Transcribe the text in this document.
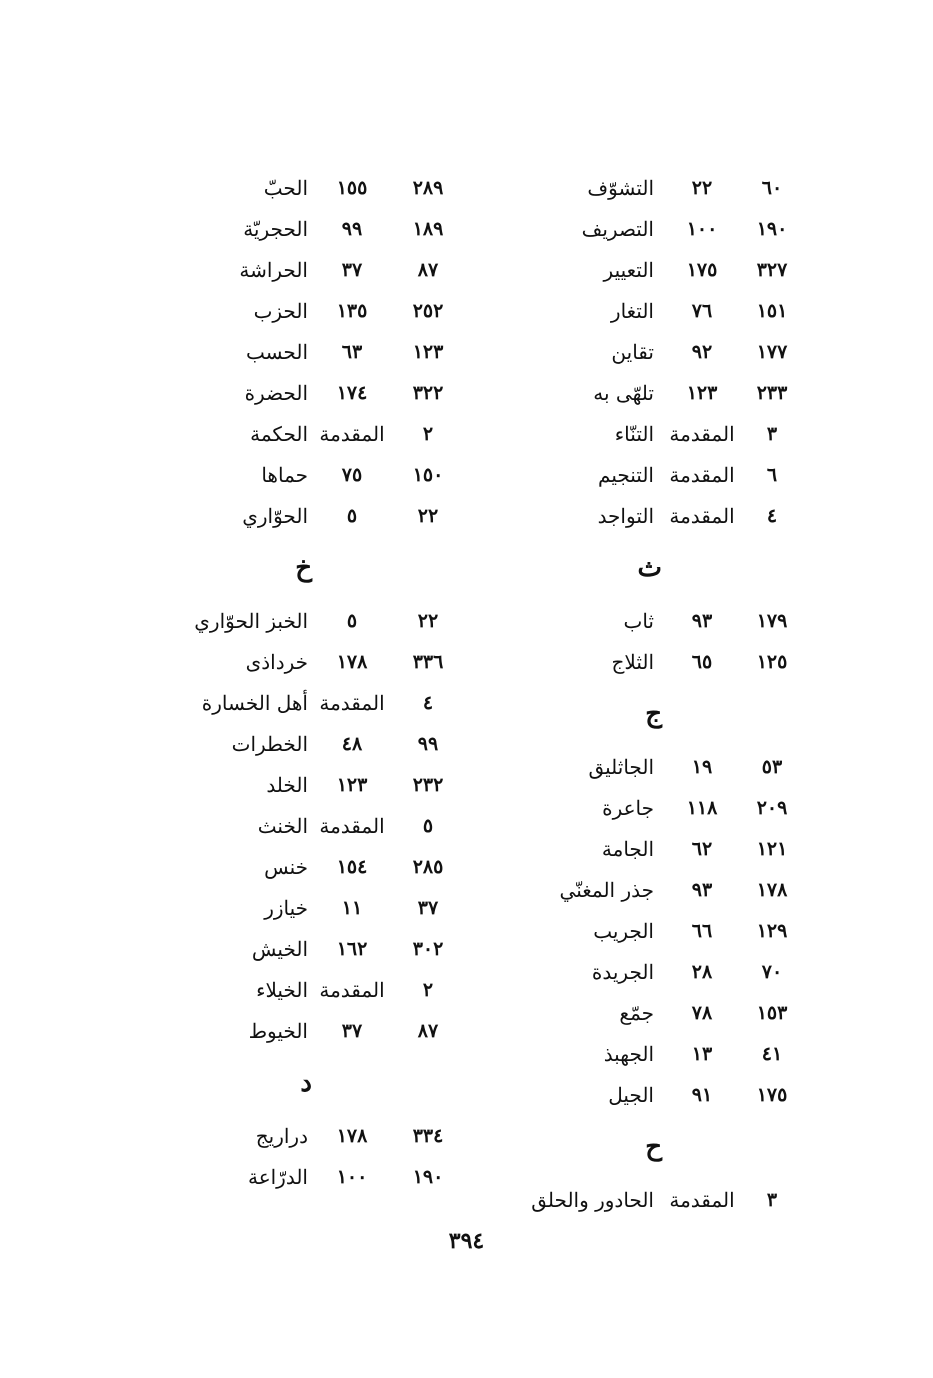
٦٠
٢٢
التشوّف
١٩٠
١٠٠
التصريف
٣٢٧
١٧٥
التعيير
١٥١
٧٦
التغار
١٧٧
٩٢
تقاين
٢٣٣
١٢٣
تلهّى به
٣
المقدمة
التنّاء
٦
المقدمة
التنجيم
٤
المقدمة
التواجد
ث
١٧٩
٩٣
ثاب
١٢٥
٦٥
الثلاج
ج
٥٣
١٩
الجاثليق
٢٠٩
١١٨
جاعرة
١٢١
٦٢
الجامة
١٧٨
٩٣
جذر المغنّي
١٢٩
٦٦
الجريب
٧٠
٢٨
الجريدة
١٥٣
٧٨
جمّع
٤١
١٣
الجهبذ
١٧٥
٩١
الجيل
ح
٣
المقدمة
الحادور والحلق
٢٨٩
١٥٥
الحبّ
١٨٩
٩٩
الحجريّة
٨٧
٣٧
الحراشة
٢٥٢
١٣٥
الحزب
١٢٣
٦٣
الحسب
٣٢٢
١٧٤
الحضرة
٢
المقدمة
الحكمة
١٥٠
٧٥
حماها
٢٢
٥
الحوّاري
خ
٢٢
٥
الخبز الحوّاري
٣٣٦
١٧٨
خرداذى
٤
المقدمة
أهل الخسارة
٩٩
٤٨
الخطرات
٢٣٢
١٢٣
الخلد
٥
المقدمة
الخنث
٢٨٥
١٥٤
خنس
٣٧
١١
خيازر
٣٠٢
١٦٢
الخيش
٢
المقدمة
الخيلاء
٨٧
٣٧
الخيوط
د
٣٣٤
١٧٨
دراريج
١٩٠
١٠٠
الدرّاعة
٣٩٤
